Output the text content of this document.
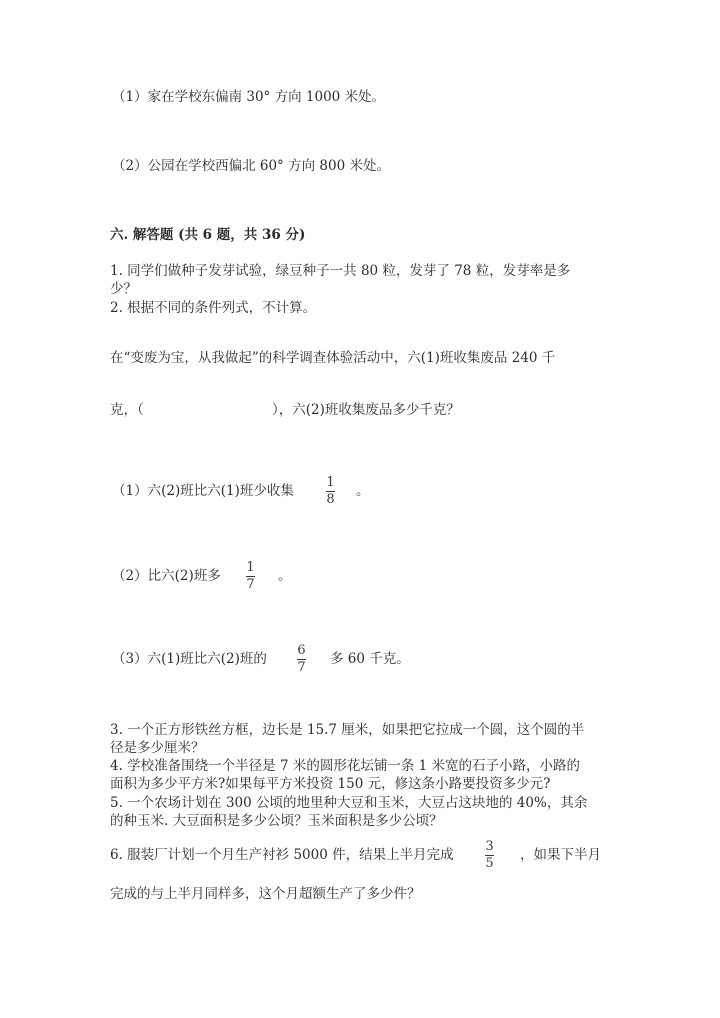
（1）家在学校东偏南 30° 方向 1000 米处。
（2）公园在学校西偏北 60° 方向 800 米处。
六. 解答题 (共 6 题，共 36 分)
1. 同学们做种子发芽试验，绿豆种子一共 80 粒，发芽了 78 粒，发芽率是多
少？
2. 根据不同的条件列式，不计算。
在“变废为宝，从我做起”的科学调查体验活动中，六(1)班收集废品 240 千
克，（	），六(2)班收集废品多少千克？
（1）六(2)班比六(1)班少收集
1
8
。
（2）比六(2)班多
1
7
。
（3）六(1)班比六(2)班的
6
7
多 60 千克。
3. 一个正方形铁丝方框，边长是 15.7 厘米，如果把它拉成一个圆，这个圆的半
径是多少厘米？
4. 学校准备围绕一个半径是 7 米的圆形花坛铺一条 1 米宽的石子小路，小路的
面积为多少平方米?如果每平方米投资 150 元，修这条小路要投资多少元?
5. 一个农场计划在 300 公顷的地里种大豆和玉米，大豆占这块地的 40%，其余
的种玉米. 大豆面积是多少公顷？玉米面积是多少公顷？
6. 服装厂计划一个月生产衬衫 5000 件，结果上半月完成
3
5
，如果下半月
完成的与上半月同样多，这个月超额生产了多少件？
